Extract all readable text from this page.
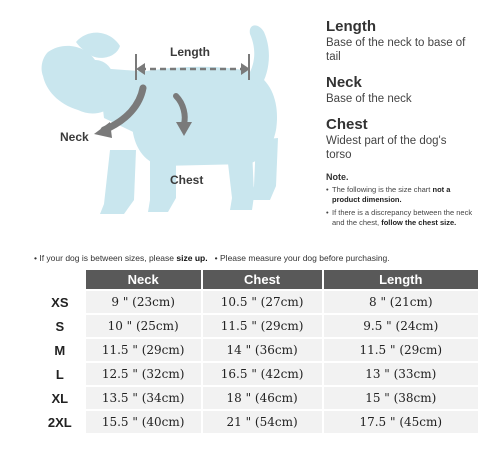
Length
Neck
Chest
Length
Base of the neck to base of tail
Neck
Base of the neck
Chest
Widest part of the dog's torso
Note.
• The following is the size chart not a product dimension.
• If there is a discrepancy between the neck and the chest, follow the chest size.
• If your dog is between sizes, please size up.   • Please measure your dog before purchasing.
	Neck	Chest	Length
XS	9 " (23cm)	10.5 " (27cm)	8 " (21cm)
S	10 " (25cm)	11.5 " (29cm)	9.5 " (24cm)
M	11.5 " (29cm)	14 " (36cm)	11.5 " (29cm)
L	12.5 " (32cm)	16.5 " (42cm)	13 " (33cm)
XL	13.5 " (34cm)	18 " (46cm)	15 " (38cm)
2XL	15.5 " (40cm)	21 " (54cm)	17.5 " (45cm)
